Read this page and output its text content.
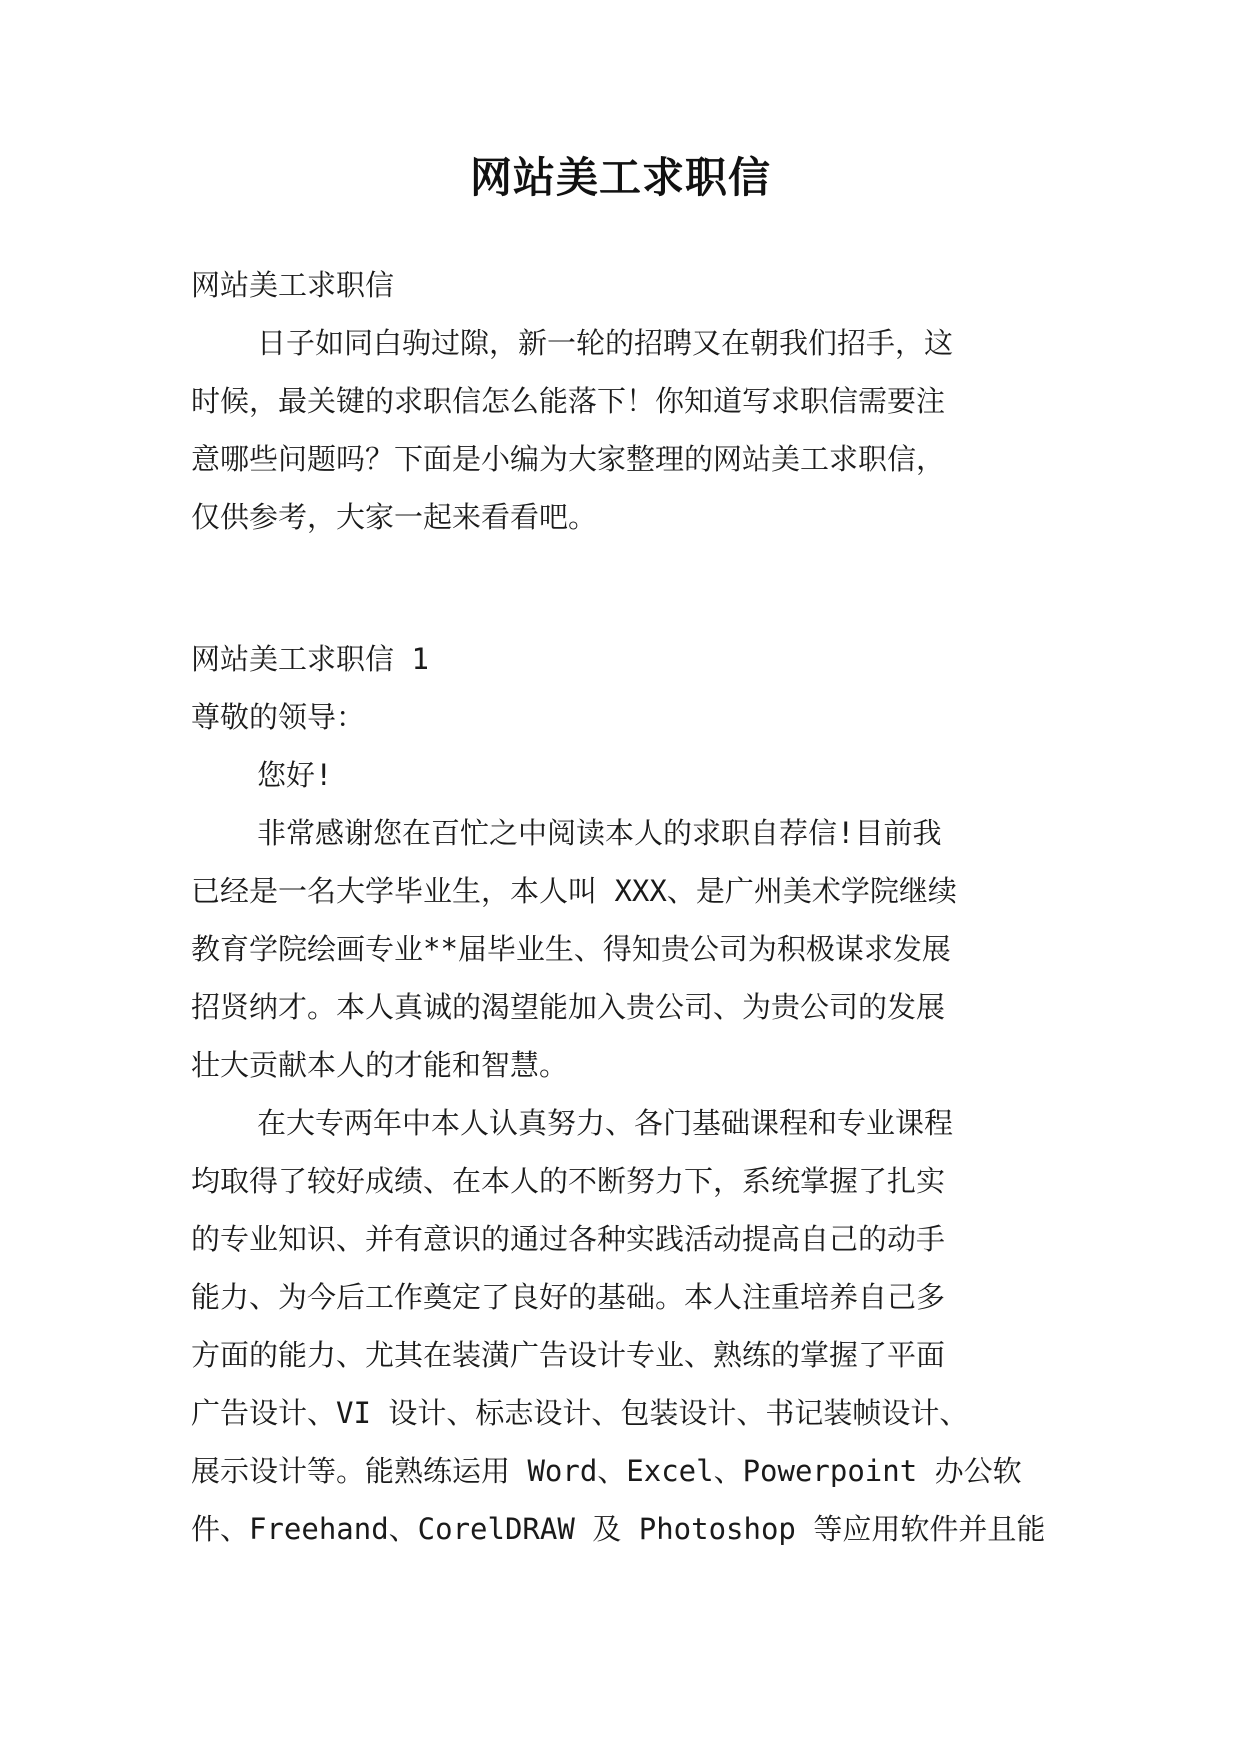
网站美工求职信
网站美工求职信
日子如同白驹过隙，新一轮的招聘又在朝我们招手，这
时候，最关键的求职信怎么能落下！你知道写求职信需要注
意哪些问题吗？下面是小编为大家整理的网站美工求职信，
仅供参考，大家一起来看看吧。
网站美工求职信 1
尊敬的领导：
您好!
非常感谢您在百忙之中阅读本人的求职自荐信!目前我
已经是一名大学毕业生，本人叫 XXX、是广州美术学院继续
教育学院绘画专业**届毕业生、得知贵公司为积极谋求发展
招贤纳才。本人真诚的渴望能加入贵公司、为贵公司的发展
壮大贡献本人的才能和智慧。
在大专两年中本人认真努力、各门基础课程和专业课程
均取得了较好成绩、在本人的不断努力下，系统掌握了扎实
的专业知识、并有意识的通过各种实践活动提高自己的动手
能力、为今后工作奠定了良好的基础。本人注重培养自己多
方面的能力、尤其在装潢广告设计专业、熟练的掌握了平面
广告设计、VI 设计、标志设计、包装设计、书记装帧设计、
展示设计等。能熟练运用 Word、Excel、Powerpoint 办公软
件、Freehand、CorelDRAW 及 Photoshop 等应用软件并且能
